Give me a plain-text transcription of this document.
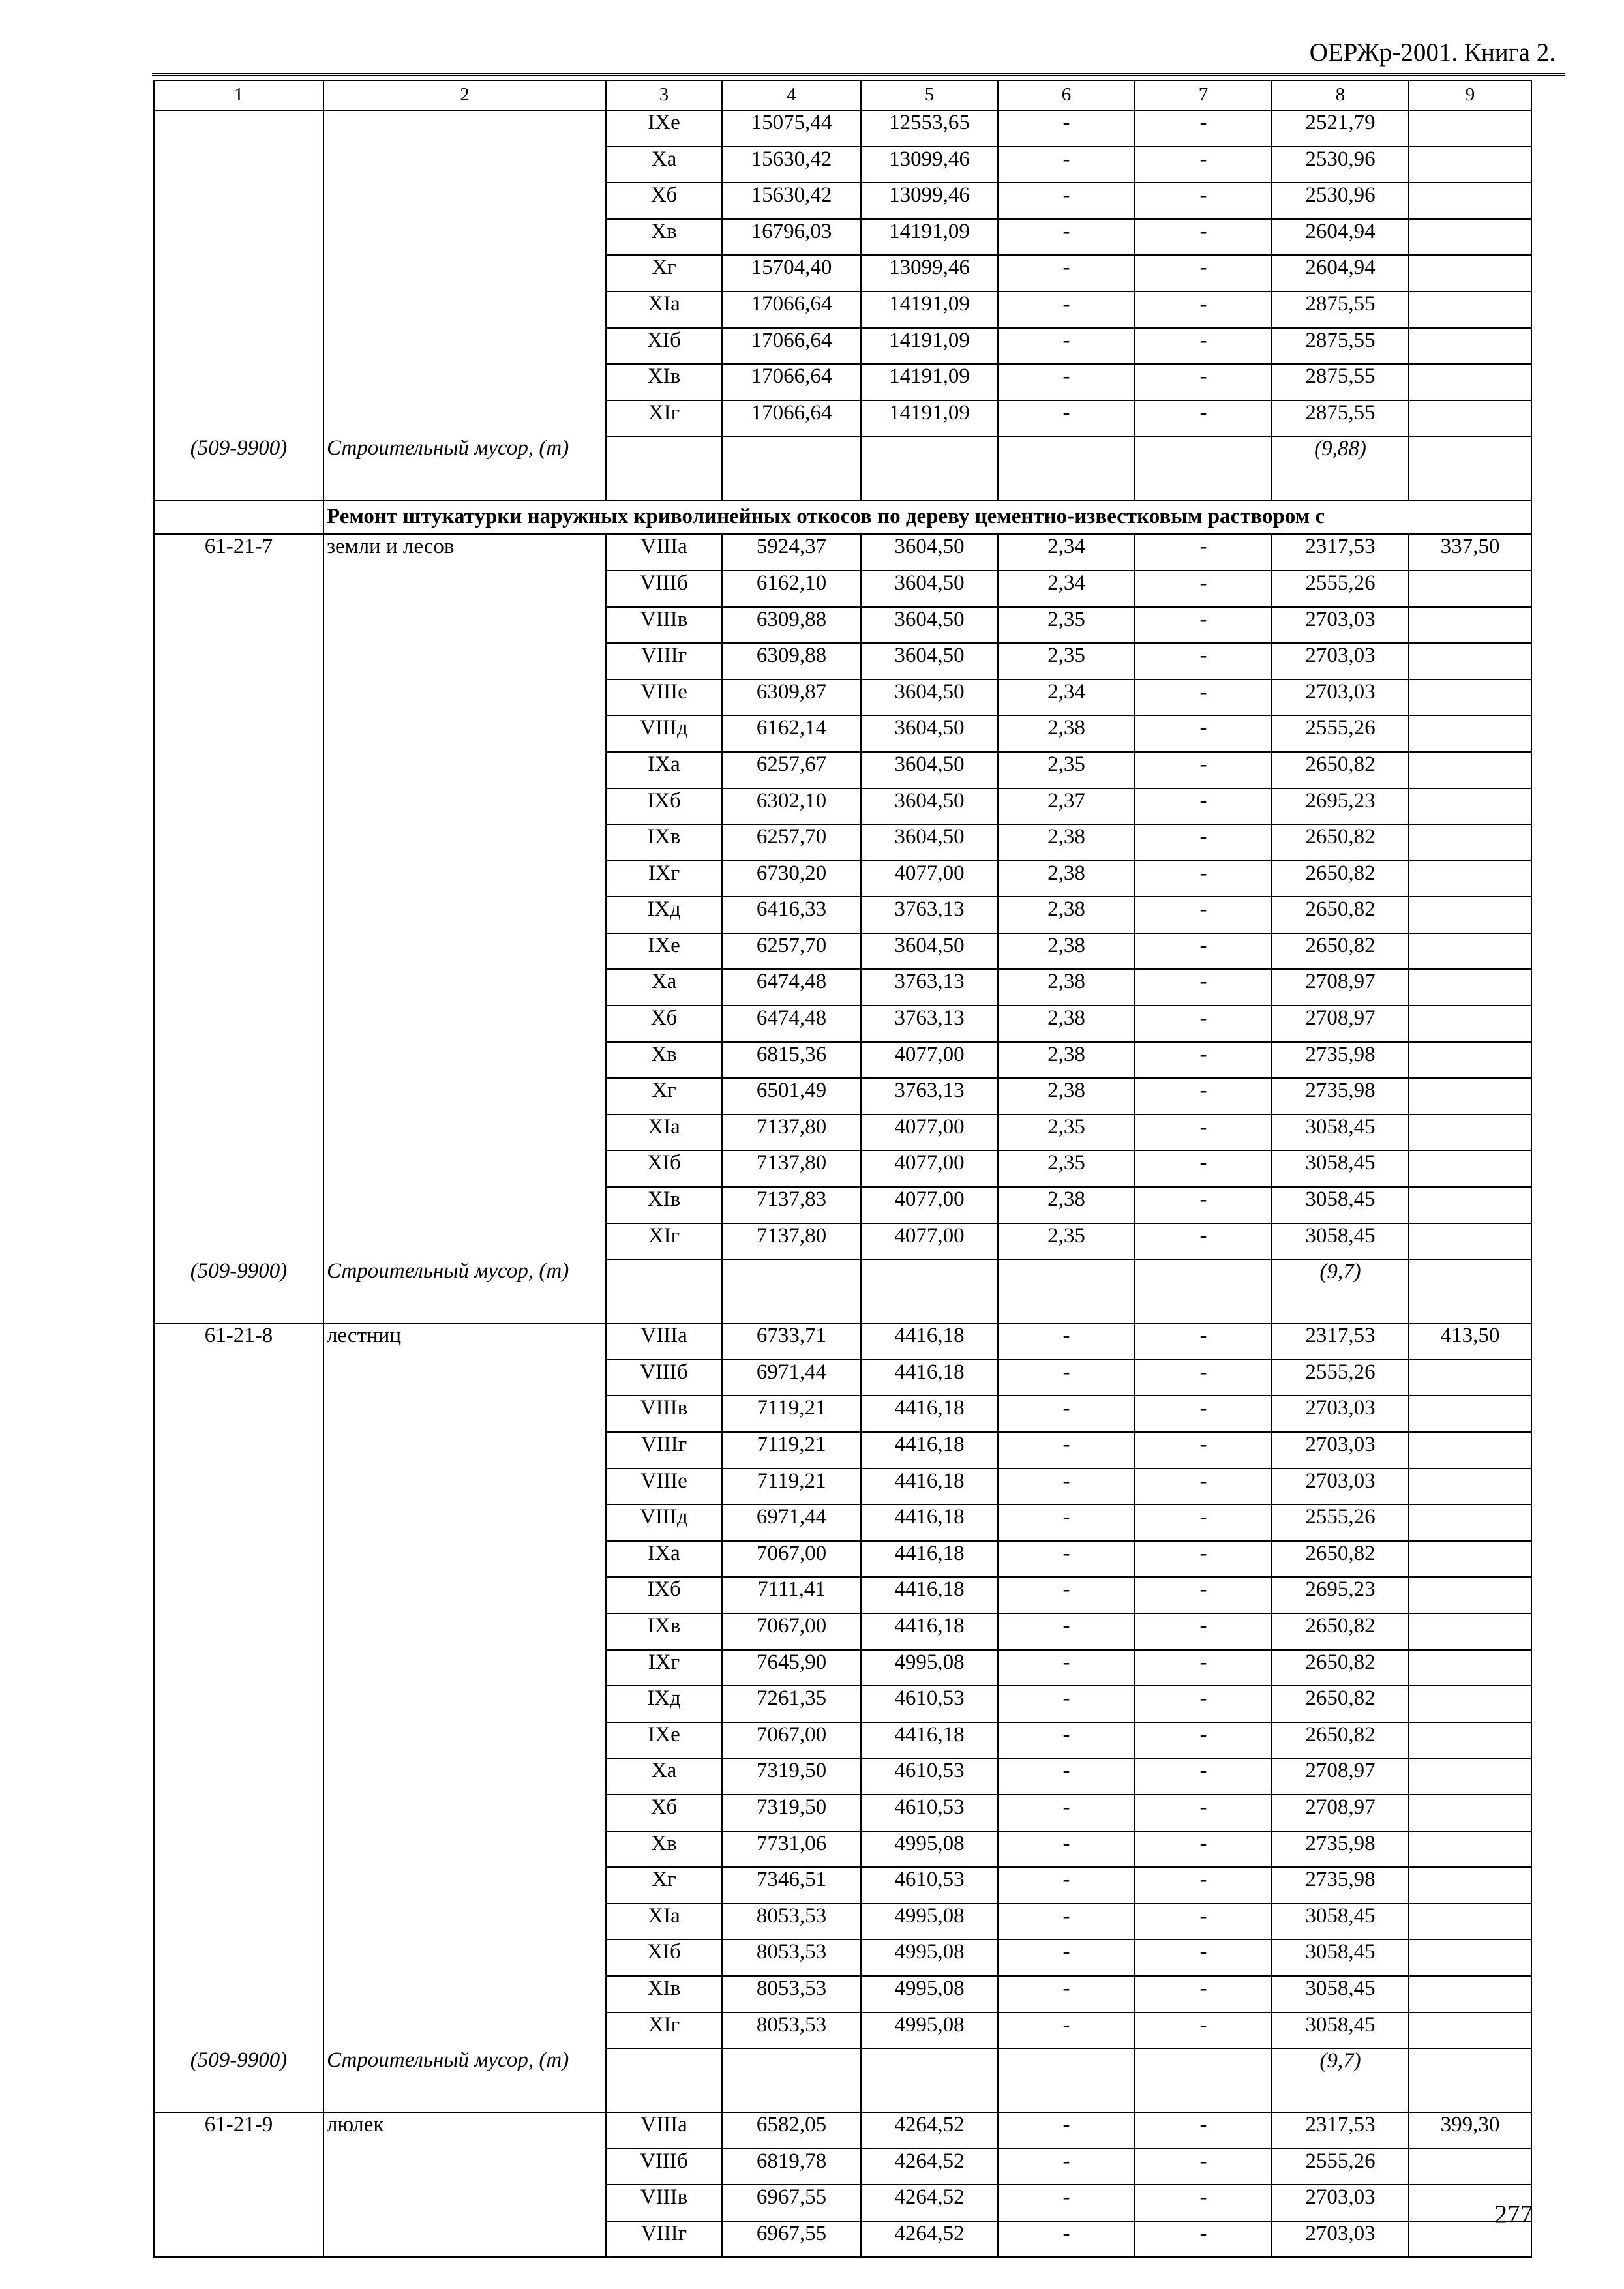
ОЕРЖр-2001. Книга 2.
1	2	3	4	5	6	7	8	9
		IXе	15075,44	12553,65	-	-	2521,79	
		Xа	15630,42	13099,46	-	-	2530,96	
		Xб	15630,42	13099,46	-	-	2530,96	
		Xв	16796,03	14191,09	-	-	2604,94	
		Xг	15704,40	13099,46	-	-	2604,94	
		XIа	17066,64	14191,09	-	-	2875,55	
		XIб	17066,64	14191,09	-	-	2875,55	
		XIв	17066,64	14191,09	-	-	2875,55	
		XIг	17066,64	14191,09	-	-	2875,55	
(509-9900)	Строительный мусор, (т)						(9,88)	
	Ремонт штукатурки наружных криволинейных откосов по дереву цементно-известковым раствором с							
61-21-7	земли и лесов	VIIIа	5924,37	3604,50	2,34	-	2317,53	337,50
		VIIIб	6162,10	3604,50	2,34	-	2555,26	
		VIIIв	6309,88	3604,50	2,35	-	2703,03	
		VIIIг	6309,88	3604,50	2,35	-	2703,03	
		VIIIе	6309,87	3604,50	2,34	-	2703,03	
		VIIIд	6162,14	3604,50	2,38	-	2555,26	
		IXа	6257,67	3604,50	2,35	-	2650,82	
		IXб	6302,10	3604,50	2,37	-	2695,23	
		IXв	6257,70	3604,50	2,38	-	2650,82	
		IXг	6730,20	4077,00	2,38	-	2650,82	
		IXд	6416,33	3763,13	2,38	-	2650,82	
		IXе	6257,70	3604,50	2,38	-	2650,82	
		Xа	6474,48	3763,13	2,38	-	2708,97	
		Xб	6474,48	3763,13	2,38	-	2708,97	
		Xв	6815,36	4077,00	2,38	-	2735,98	
		Xг	6501,49	3763,13	2,38	-	2735,98	
		XIа	7137,80	4077,00	2,35	-	3058,45	
		XIб	7137,80	4077,00	2,35	-	3058,45	
		XIв	7137,83	4077,00	2,38	-	3058,45	
		XIг	7137,80	4077,00	2,35	-	3058,45	
(509-9900)	Строительный мусор, (т)						(9,7)	
61-21-8	лестниц	VIIIа	6733,71	4416,18	-	-	2317,53	413,50
		VIIIб	6971,44	4416,18	-	-	2555,26	
		VIIIв	7119,21	4416,18	-	-	2703,03	
		VIIIг	7119,21	4416,18	-	-	2703,03	
		VIIIе	7119,21	4416,18	-	-	2703,03	
		VIIIд	6971,44	4416,18	-	-	2555,26	
		IXа	7067,00	4416,18	-	-	2650,82	
		IXб	7111,41	4416,18	-	-	2695,23	
		IXв	7067,00	4416,18	-	-	2650,82	
		IXг	7645,90	4995,08	-	-	2650,82	
		IXд	7261,35	4610,53	-	-	2650,82	
		IXе	7067,00	4416,18	-	-	2650,82	
		Xа	7319,50	4610,53	-	-	2708,97	
		Xб	7319,50	4610,53	-	-	2708,97	
		Xв	7731,06	4995,08	-	-	2735,98	
		Xг	7346,51	4610,53	-	-	2735,98	
		XIа	8053,53	4995,08	-	-	3058,45	
		XIб	8053,53	4995,08	-	-	3058,45	
		XIв	8053,53	4995,08	-	-	3058,45	
		XIг	8053,53	4995,08	-	-	3058,45	
(509-9900)	Строительный мусор, (т)						(9,7)	
61-21-9	люлек	VIIIа	6582,05	4264,52	-	-	2317,53	399,30
		VIIIб	6819,78	4264,52	-	-	2555,26	
		VIIIв	6967,55	4264,52	-	-	2703,03	
		VIIIг	6967,55	4264,52	-	-	2703,03	
277
